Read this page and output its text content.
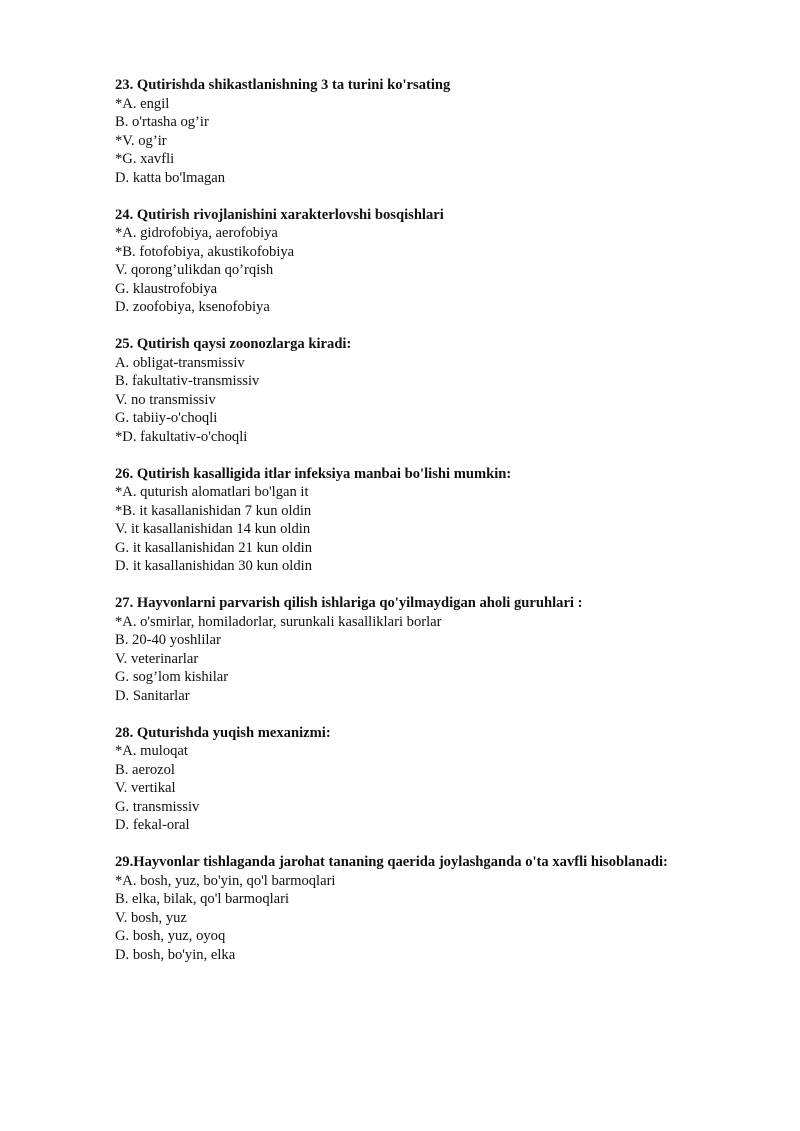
23. Qutirishda shikastlanishning 3 ta turini ko'rsating
*A. engil
B. o'rtasha og’ir
*V. og’ir
*G. xavfli
D. katta bo'lmagan
24. Qutirish rivojlanishini xarakterlovshi bosqishlari
*A. gidrofobiya, aerofobiya
*B. fotofobiya, akustikofobiya
V. qorong’ulikdan qo’rqish
G. klaustrofobiya
D. zoofobiya, ksenofobiya
25. Qutirish qaysi zoonozlarga kiradi:
A. obligat-transmissiv
B. fakultativ-transmissiv
V. no transmissiv
G. tabiiy-o'choqli
*D. fakultativ-o'choqli
26. Qutirish kasalligida itlar infeksiya manbai bo'lishi mumkin:
*A. quturish alomatlari bo'lgan it
*B. it kasallanishidan 7 kun oldin
V. it kasallanishidan 14 kun oldin
G. it kasallanishidan 21 kun oldin
D. it kasallanishidan 30 kun oldin
27. Hayvonlarni parvarish qilish ishlariga qo'yilmaydigan aholi guruhlari :
*A. o'smirlar, homiladorlar, surunkali kasalliklari borlar
B. 20-40 yoshlilar
V. veterinarlar
G. sog’lom kishilar
D. Sanitarlar
28. Quturishda yuqish mexanizmi:
*A. muloqat
B. aerozol
V. vertikal
G. transmissiv
D. fekal-oral
29.Hayvonlar tishlaganda jarohat tananing qaerida joylashganda o'ta xavfli hisoblanadi:
*A. bosh, yuz, bo'yin, qo'l barmoqlari
B. elka, bilak, qo'l barmoqlari
V. bosh, yuz
G. bosh, yuz, oyoq
D. bosh, bo'yin, elka
